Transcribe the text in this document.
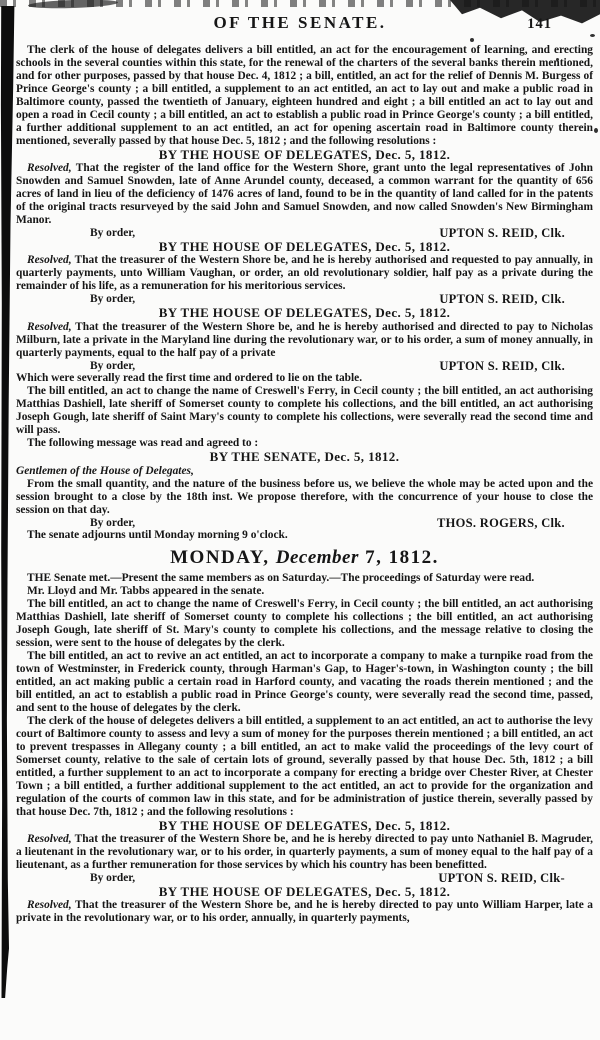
OF THE SENATE.	141

The clerk of the house of delegates delivers a bill entitled, an act for the encouragement of learning, and erecting schools in the several counties within this state, for the renewal of the charters of the several banks therein mentioned, and for other purposes, passed by that house Dec. 4, 1812 ; a bill, entitled, an act for the relief of Dennis M. Burgess of Prince George's county ; a bill entitled, a supplement to an act entitled, an act to lay out and make a public road in Baltimore county, passed the twentieth of January, eighteen hundred and eight ; a bill entitled an act to lay out and open a road in Cecil county ; a bill entitled, an act to establish a public road in Prince George's county ; a bill entitled, a further additional supplement to an act entitled, an act for opening ascertain road in Baltimore county therein mentioned, severally passed by that house Dec. 5, 1812 ; and the following resolutions :

BY THE HOUSE OF DELEGATES, Dec. 5, 1812.

Resolved, That the register of the land office for the Western Shore, grant unto the legal representatives of John Snowden and Samuel Snowden, late of Anne Arundel county, deceased, a common warrant for the quantity of 656 acres of land in lieu of the deficiency of 1476 acres of land, found to be in the quantity of land called for in the patents of the original tracts resurveyed by the said John and Samuel Snowden, and now called Snowden's New Birmingham Manor.

By order,	UPTON S. REID, Clk.

BY THE HOUSE OF DELEGATES, Dec. 5, 1812.

Resolved, That the treasurer of the Western Shore be, and he is hereby authorised and requested to pay annually, in quarterly payments, unto William Vaughan, or order, an old revolutionary soldier, half pay as a private during the remainder of his life, as a remuneration for his meritorious services.

By order,	UPTON S. REID, Clk.

BY THE HOUSE OF DELEGATES, Dec. 5, 1812.

Resolved, That the treasurer of the Western Shore be, and he is hereby authorised and directed to pay to Nicholas Milburn, late a private in the Maryland line during the revolutionary war, or to his order, a sum of money annually, in quarterly payments, equal to the half pay of a private

By order,	UPTON S. REID, Clk.

Which were severally read the first time and ordered to lie on the table.

The bill entitled, an act to change the name of Creswell's Ferry, in Cecil county ; the bill entitled, an act authorising Matthias Dashiell, late sheriff of Somerset county to complete his collections, and the bill entitled, an act authorising Joseph Gough, late sheriff of Saint Mary's county to complete his collections, were severally read the second time and will pass.

The following message was read and agreed to :

BY THE SENATE, Dec. 5, 1812.

Gentlemen of the House of Delegates,

From the small quantity, and the nature of the business before us, we believe the whole may be acted upon and the session brought to a close by the 18th inst. We propose therefore, with the concurrence of your house to close the session on that day.

By order,	THOS. ROGERS, Clk.

The senate adjourns until Monday morning 9 o'clock.

MONDAY, December 7, 1812.

THE Senate met.—Present the same members as on Saturday.—The proceedings of Saturday were read.

Mr. Lloyd and Mr. Tabbs appeared in the senate.

The bill entitled, an act to change the name of Creswell's Ferry, in Cecil county ; the bill entitled, an act authorising Matthias Dashiell, late sheriff of Somerset county to complete his collections ; the bill entitled, an act authorising Joseph Gough, late sheriff of St. Mary's county to complete his collections, and the message relative to closing the session, were sent to the house of delegates by the clerk.

The bill entitled, an act to revive an act entitled, an act to incorporate a company to make a turnpike road from the town of Westminster, in Frederick county, through Harman's Gap, to Hager's-town, in Washington county ; the bill entitled, an act making public a certain road in Harford county, and vacating the roads therein mentioned ; and the bill entitled, an act to establish a public road in Prince George's county, were severally read the second time, passed, and sent to the house of delegates by the clerk.

The clerk of the house of delegetes delivers a bill entitled, a supplement to an act entitled, an act to authorise the levy court of Baltimore county to assess and levy a sum of money for the purposes therein mentioned ; a bill entitled, an act to prevent trespasses in Allegany county ; a bill entitled, an act to make valid the proceedings of the levy court of Somerset county, relative to the sale of certain lots of ground, severally passed by that house Dec. 5th, 1812 ; a bill entitled, a further supplement to an act to incorporate a company for erecting a bridge over Chester River, at Chester Town ; a bill entitled, a further additional supplement to the act entitled, an act to provide for the organization and regulation of the courts of common law in this state, and for be administration of justice therein, severally passed by that house Dec. 7th, 1812 ; and the following resolutions :

BY THE HOUSE OF DELEGATES, Dec. 5, 1812.

Resolved, That the treasurer of the Western Shore be, and he is hereby directed to pay unto Nathaniel B. Magruder, a lieutenant in the revolutionary war, or to his order, in quarterly payments, a sum of money equal to the half pay of a lieutenant, as a further remuneration for those services by which his country has been benefitted.

By order,	UPTON S. REID, Clk-

BY THE HOUSE OF DELEGATES, Dec. 5, 1812.

Resolved, That the treasurer of the Western Shore be, and he is hereby directed to pay unto William Harper, late a private in the revolutionary war, or to his order, annually, in quarterly payments,
